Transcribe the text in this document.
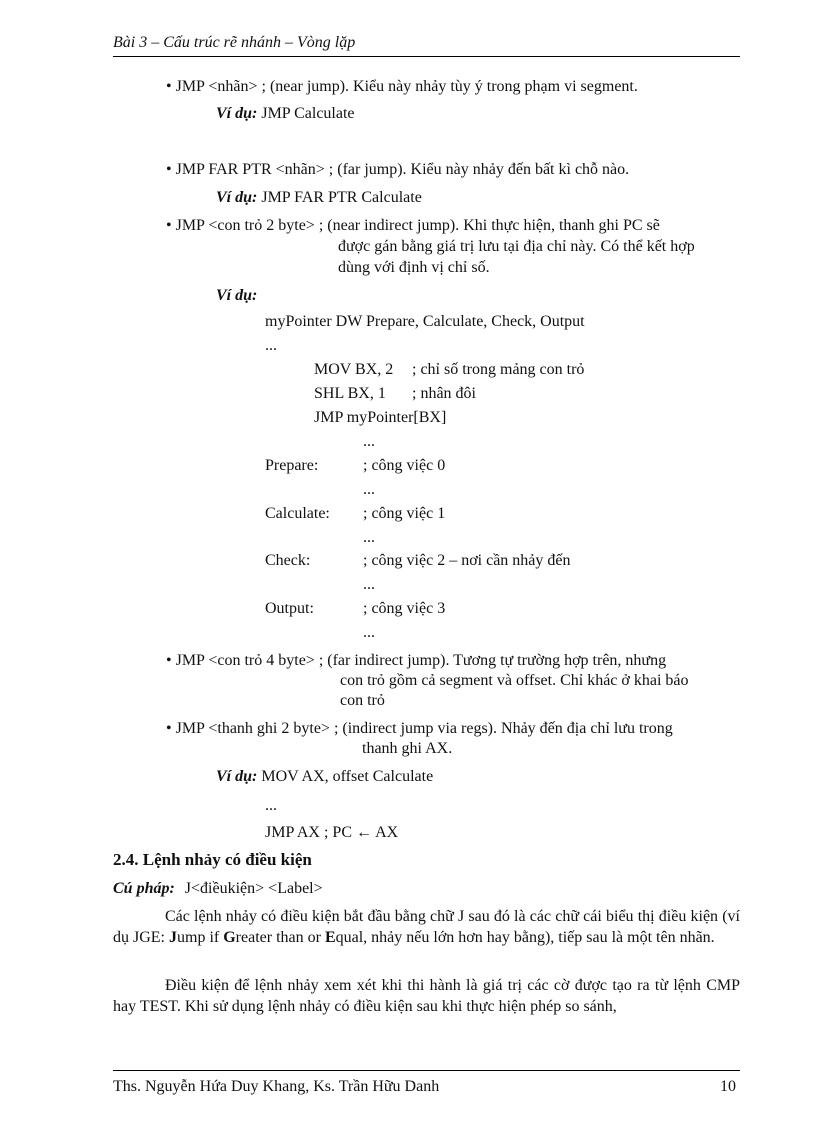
Bài 3 – Cấu trúc rẽ nhánh – Vòng lặp
• JMP <nhãn> ; (near jump). Kiểu này nhảy tùy ý trong phạm vi segment.
Ví dụ: JMP Calculate
• JMP FAR PTR <nhãn> ; (far jump). Kiểu này nhảy đến bất kì chỗ nào.
Ví dụ: JMP FAR PTR Calculate
• JMP <con trỏ 2 byte> ; (near indirect jump). Khi thực hiện, thanh ghi PC sẽ
được gán bằng giá trị lưu tại địa chỉ này. Có thể kết hợp
dùng với định vị chỉ số.
Ví dụ:
myPointer DW Prepare, Calculate, Check, Output
...
MOV BX, 2 ; chỉ số trong mảng con trỏ
SHL BX, 1 ; nhân đôi
JMP myPointer[BX]
...
Prepare:	; công việc 0
...
Calculate: ; công việc 1
...
Check:	; công việc 2 – nơi cần nhảy đến
...
Output:	; công việc 3
...
• JMP <con trỏ 4 byte> ; (far indirect jump). Tương tự trường hợp trên, nhưng
con trỏ gồm cả segment và offset. Chỉ khác ở khai báo
con trỏ
• JMP <thanh ghi 2 byte> ; (indirect jump via regs). Nhảy đến địa chỉ lưu trong
thanh ghi AX.
Ví dụ: MOV AX, offset Calculate
...
JMP AX ; PC ← AX
2.4. Lệnh nhảy có điều kiện
Cú pháp: J<điềukiện> <Label>
Các lệnh nhảy có điều kiện bắt đầu bằng chữ J sau đó là các chữ cái biểu thị điều kiện (ví dụ JGE: Jump if Greater than or Equal, nhảy nếu lớn hơn hay bằng), tiếp sau là một tên nhãn.
Điều kiện để lệnh nhảy xem xét khi thi hành là giá trị các cờ được tạo ra từ lệnh CMP hay TEST. Khi sử dụng lệnh nhảy có điều kiện sau khi thực hiện phép so sánh,
Ths. Nguyễn Hứa Duy Khang, Ks. Trần Hữu Danh	10
